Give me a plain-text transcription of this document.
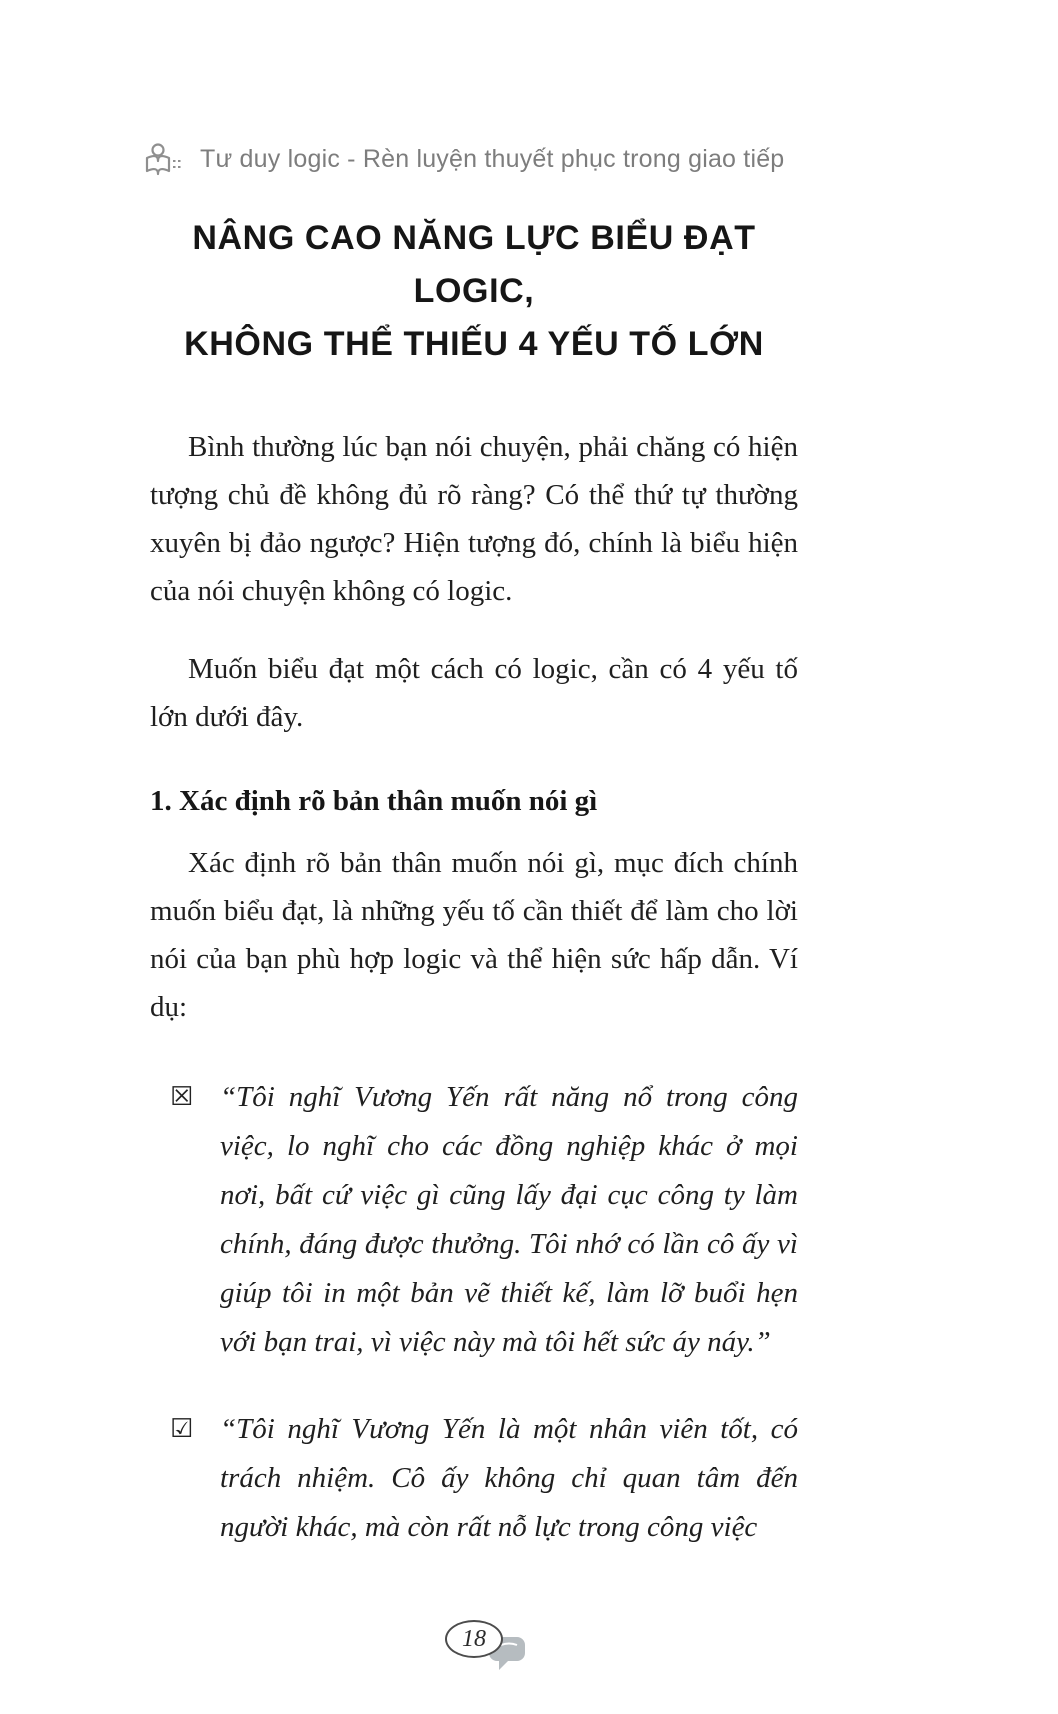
Tư duy logic - Rèn luyện thuyết phục trong giao tiếp
NÂNG CAO NĂNG LỰC BIỂU ĐẠT LOGIC,
KHÔNG THỂ THIẾU 4 YẾU TỐ LỚN

Bình thường lúc bạn nói chuyện, phải chăng có hiện tượng chủ đề không đủ rõ ràng? Có thể thứ tự thường xuyên bị đảo ngược? Hiện tượng đó, chính là biểu hiện của nói chuyện không có logic.

Muốn biểu đạt một cách có logic, cần có 4 yếu tố lớn dưới đây.

1. Xác định rõ bản thân muốn nói gì

Xác định rõ bản thân muốn nói gì, mục đích chính muốn biểu đạt, là những yếu tố cần thiết để làm cho lời nói của bạn phù hợp logic và thể hiện sức hấp dẫn. Ví dụ:

☒ “Tôi nghĩ Vương Yến rất năng nổ trong công việc, lo nghĩ cho các đồng nghiệp khác ở mọi nơi, bất cứ việc gì cũng lấy đại cục công ty làm chính, đáng được thưởng. Tôi nhớ có lần cô ấy vì giúp tôi in một bản vẽ thiết kế, làm lỡ buổi hẹn với bạn trai, vì việc này mà tôi hết sức áy náy.”

☑ “Tôi nghĩ Vương Yến là một nhân viên tốt, có trách nhiệm. Cô ấy không chỉ quan tâm đến người khác, mà còn rất nỗ lực trong công việc

18
